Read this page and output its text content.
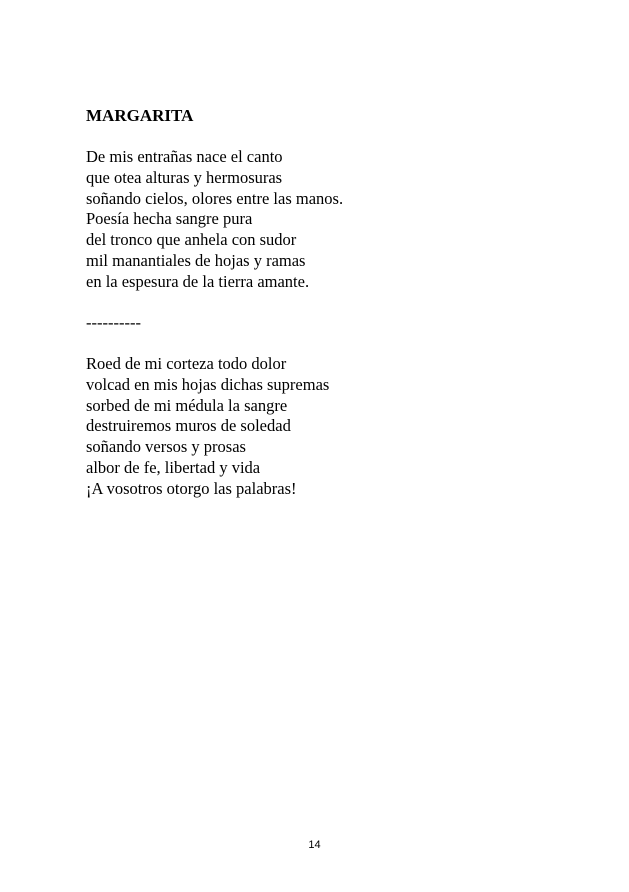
MARGARITA
De mis entrañas nace el canto
que otea alturas y hermosuras
soñando cielos, olores entre las manos.
Poesía hecha sangre pura
del tronco que anhela con sudor
mil manantiales de hojas y ramas
en la espesura de la tierra amante.

----------

Roed de mi corteza todo dolor
volcad en mis hojas dichas supremas
sorbed de mi médula la sangre
destruiremos muros de soledad
soñando versos y prosas
albor de fe, libertad y vida
¡A vosotros otorgo las palabras!
14
